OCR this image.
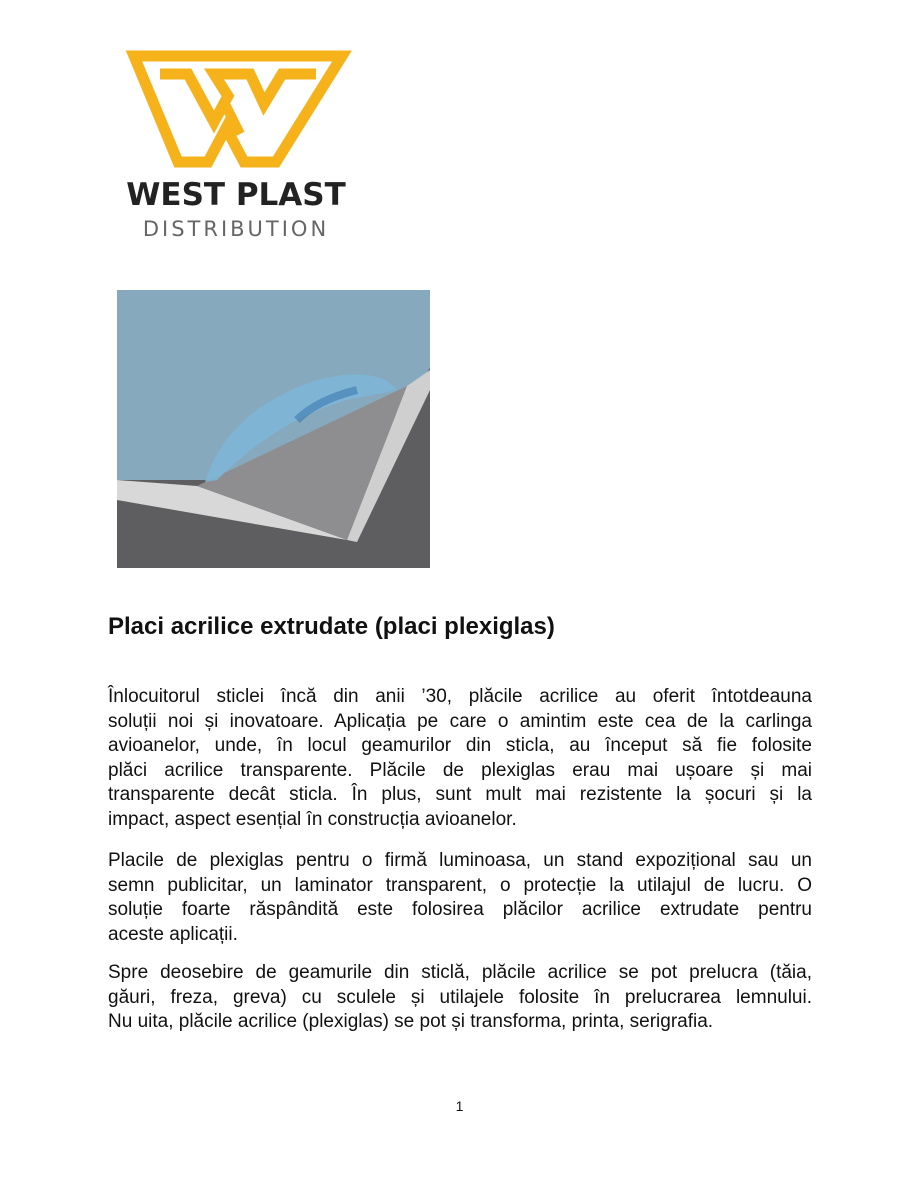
WEST PLAST
DISTRIBUTION
Placi acrilice extrudate (placi plexiglas)
Înlocuitorul sticlei încă din anii ’30, plăcile acrilice au oferit întotdeauna
soluții noi și inovatoare. Aplicația pe care o amintim este cea de la carlinga
avioanelor, unde, în locul geamurilor din sticla, au început să fie folosite
plăci acrilice transparente. Plăcile de plexiglas erau mai ușoare și mai
transparente decât sticla. În plus, sunt mult mai rezistente la șocuri și la
impact, aspect esențial în construcția avioanelor.
Placile de plexiglas pentru o firmă luminoasa, un stand expozițional sau un
semn publicitar, un laminator transparent, o protecție la utilajul de lucru. O
soluție foarte răspândită este folosirea plăcilor acrilice extrudate pentru
aceste aplicații.
Spre deosebire de geamurile din sticlă, plăcile acrilice se pot prelucra (tăia,
găuri, freza, greva) cu sculele și utilajele folosite în prelucrarea lemnului.
Nu uita, plăcile acrilice (plexiglas) se pot și transforma, printa, serigrafia.
1
